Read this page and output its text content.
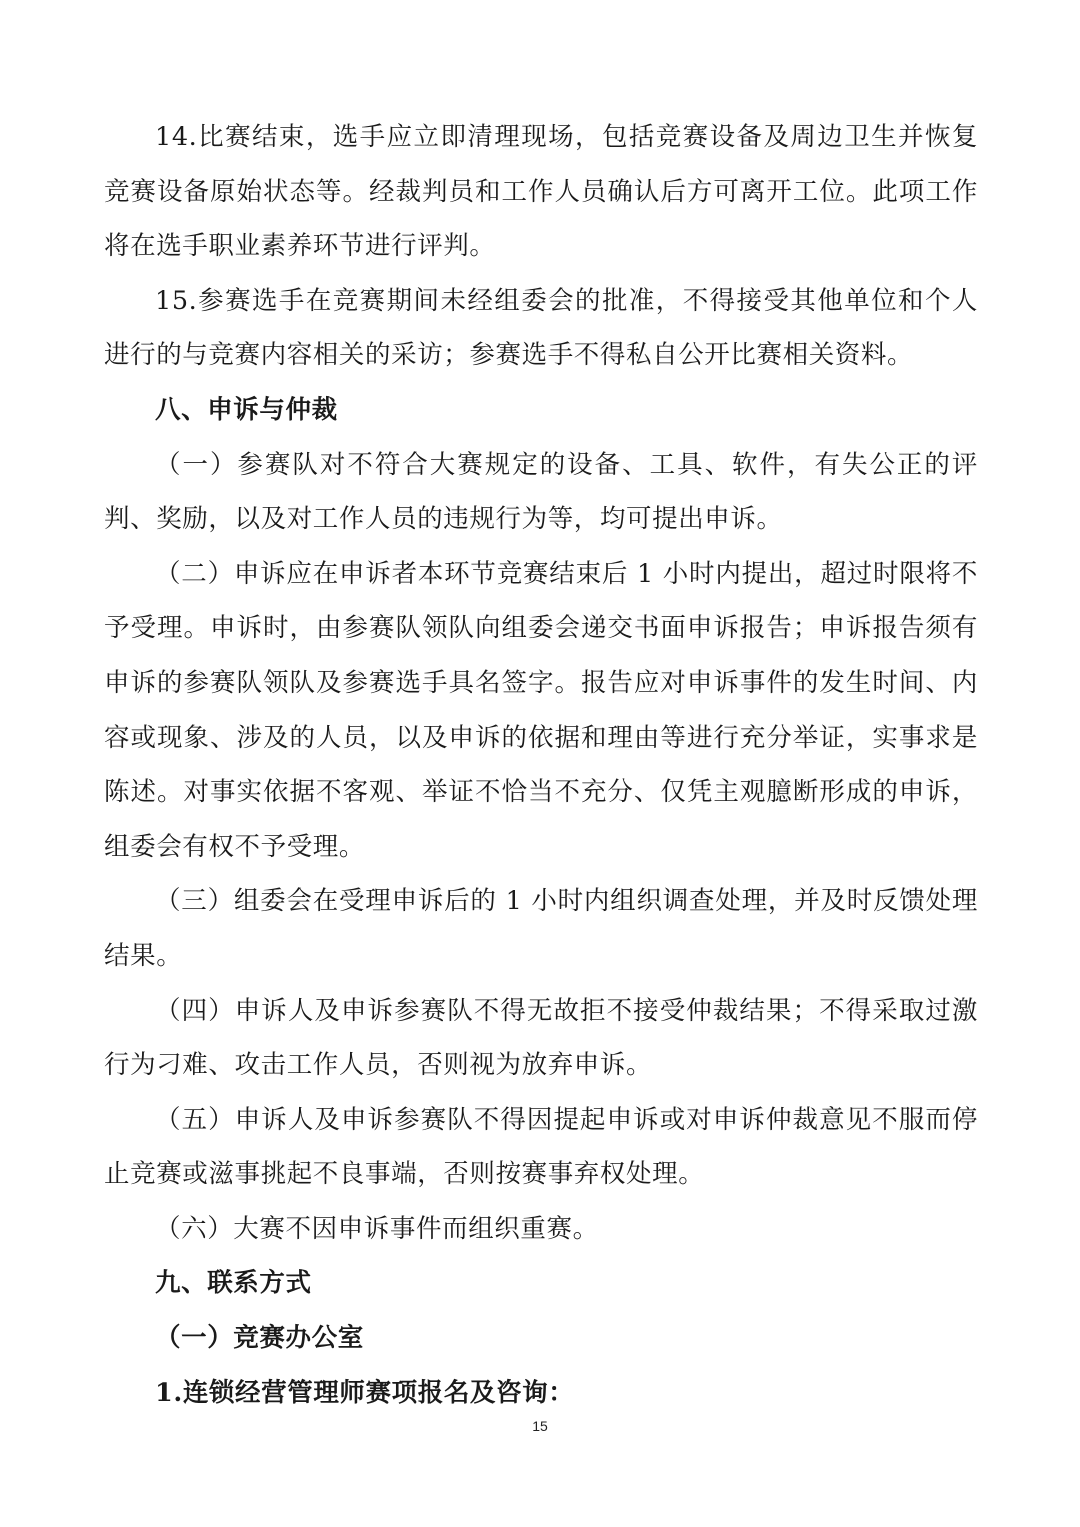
14.比赛结束，选手应立即清理现场，包括竞赛设备及周边卫生并恢复竞赛设备原始状态等。经裁判员和工作人员确认后方可离开工位。此项工作将在选手职业素养环节进行评判。

15.参赛选手在竞赛期间未经组委会的批准，不得接受其他单位和个人进行的与竞赛内容相关的采访；参赛选手不得私自公开比赛相关资料。

八、申诉与仲裁

（一）参赛队对不符合大赛规定的设备、工具、软件，有失公正的评判、奖励，以及对工作人员的违规行为等，均可提出申诉。

（二）申诉应在申诉者本环节竞赛结束后 1 小时内提出，超过时限将不予受理。申诉时，由参赛队领队向组委会递交书面申诉报告；申诉报告须有申诉的参赛队领队及参赛选手具名签字。报告应对申诉事件的发生时间、内容或现象、涉及的人员，以及申诉的依据和理由等进行充分举证，实事求是陈述。对事实依据不客观、举证不恰当不充分、仅凭主观臆断形成的申诉，组委会有权不予受理。

（三）组委会在受理申诉后的 1 小时内组织调查处理，并及时反馈处理结果。

（四）申诉人及申诉参赛队不得无故拒不接受仲裁结果；不得采取过激行为刁难、攻击工作人员，否则视为放弃申诉。

（五）申诉人及申诉参赛队不得因提起申诉或对申诉仲裁意见不服而停止竞赛或滋事挑起不良事端，否则按赛事弃权处理。

（六）大赛不因申诉事件而组织重赛。

九、联系方式

（一）竞赛办公室

1.连锁经营管理师赛项报名及咨询：

15
